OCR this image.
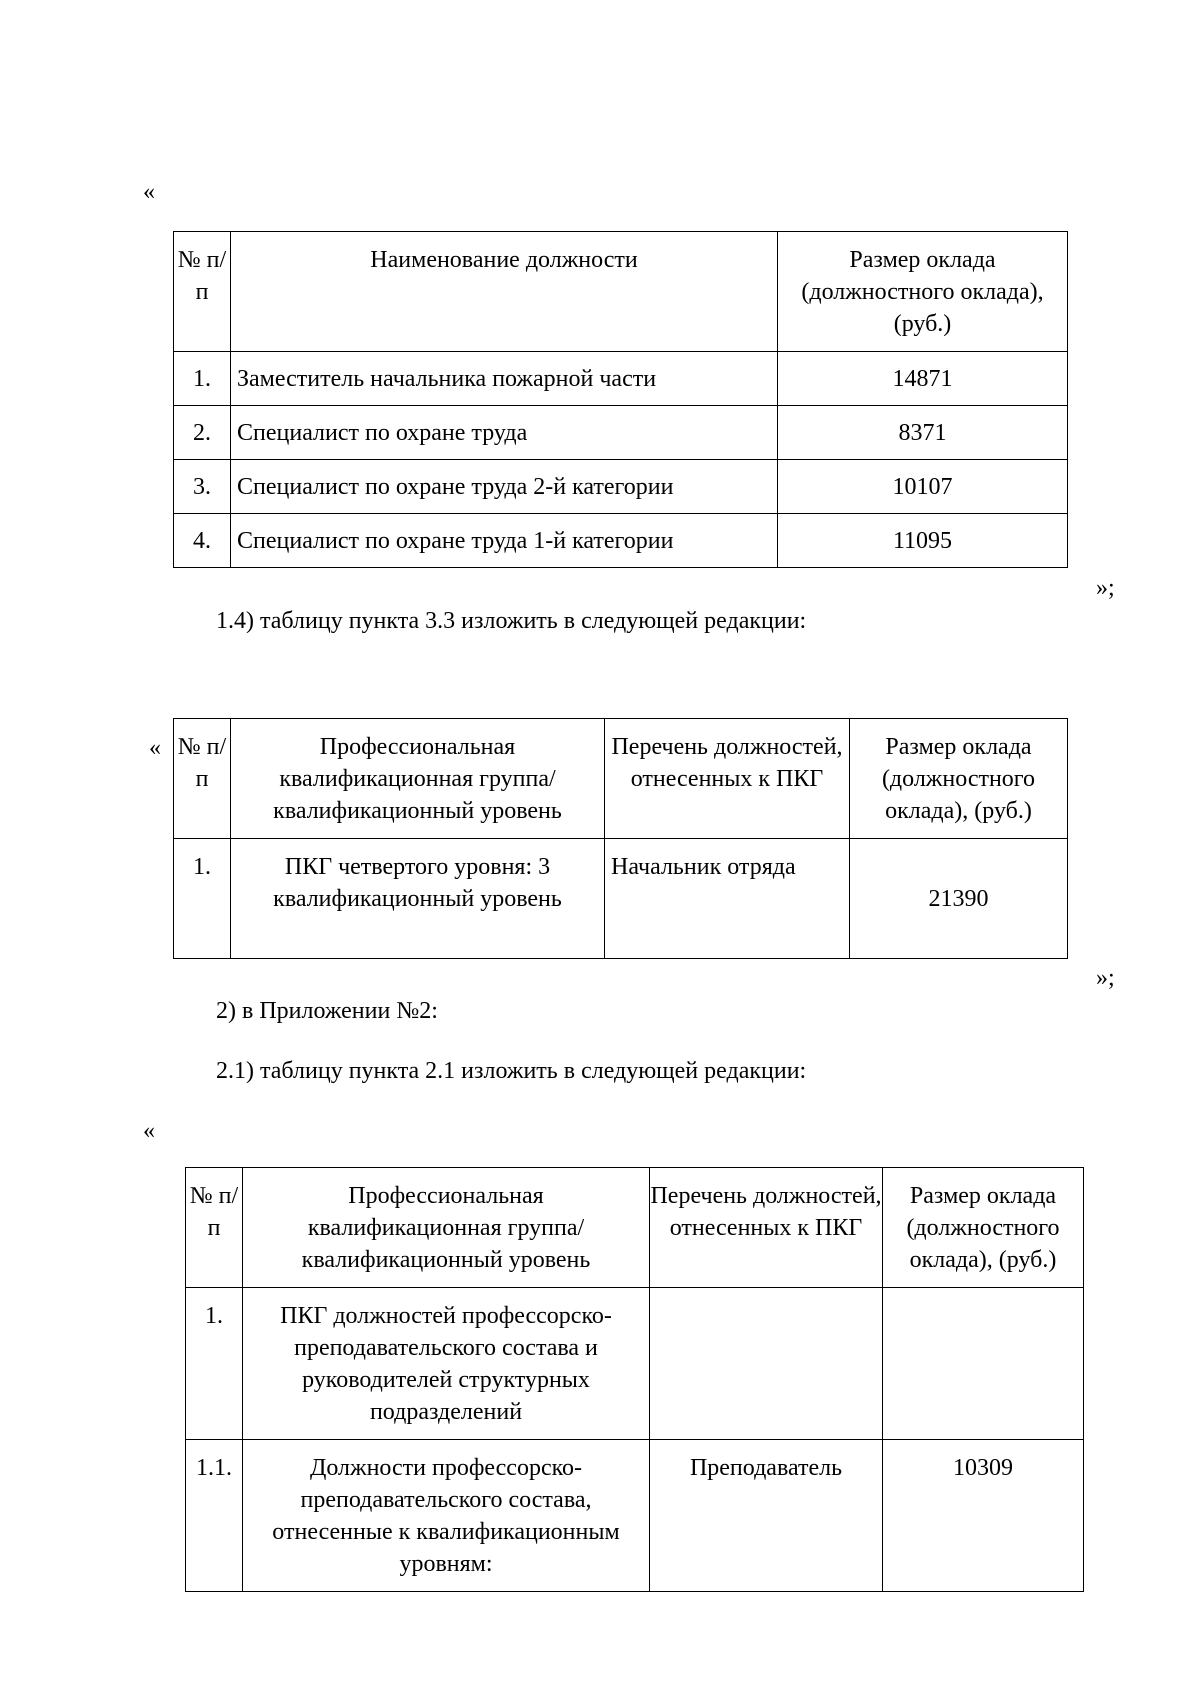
«
№ п/п	Наименование должности	Размер оклада (должностного оклада), (руб.)
1.	Заместитель начальника пожарной части	14871
2.	Специалист по охране труда	8371
3.	Специалист по охране труда 2-й категории	10107
4.	Специалист по охране труда 1-й категории	11095
»;
1.4) таблицу пункта 3.3 изложить в следующей редакции:
« № п/п	Профессиональная квалификационная группа/ квалификационный уровень	Перечень должностей, отнесенных к ПКГ	Размер оклада (должностного оклада), (руб.)
1.	ПКГ четвертого уровня: 3 квалификационный уровень	Начальник отряда	21390
»;
2) в Приложении №2:
2.1) таблицу пункта 2.1 изложить в следующей редакции:
«
№ п/п	Профессиональная квалификационная группа/ квалификационный уровень	Перечень должностей, отнесенных к ПКГ	Размер оклада (должностного оклада), (руб.)
1.	ПКГ должностей профессорско-преподавательского состава и руководителей структурных подразделений		
1.1.	Должности профессорско-преподавательского состава, отнесенные к квалификационным уровням:	Преподаватель	10309
